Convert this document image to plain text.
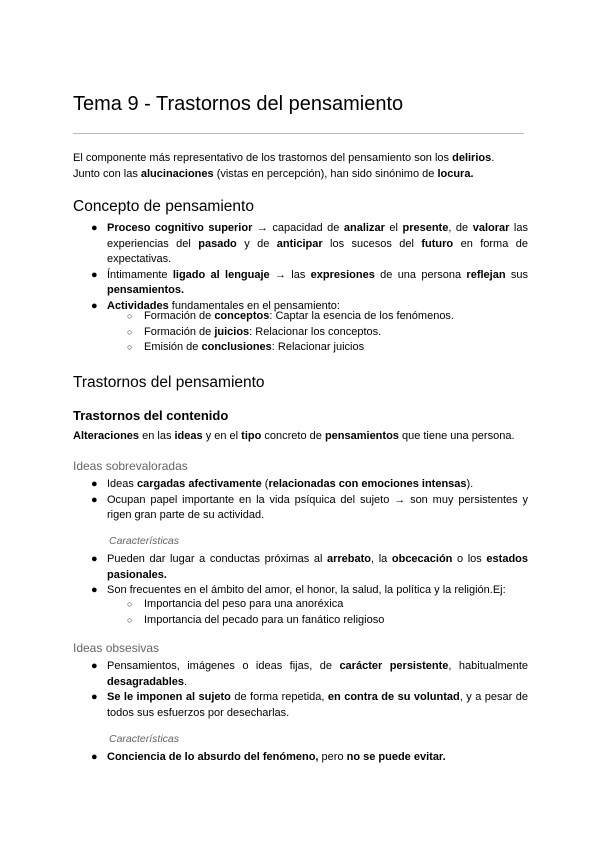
Tema 9 - Trastornos del pensamiento
El componente más representativo de los trastornos del pensamiento son los delirios.
Junto con las alucinaciones (vistas en percepción), han sido sinónimo de locura.
Concepto de pensamiento
● Proceso cognitivo superior → capacidad de analizar el presente, de valorar las experiencias del pasado y de anticipar los sucesos del futuro en forma de expectativas.
● Íntimamente ligado al lenguaje → las expresiones de una persona reflejan sus pensamientos.
● Actividades fundamentales en el pensamiento:
○ Formación de conceptos: Captar la esencia de los fenómenos.
○ Formación de juicios: Relacionar los conceptos.
○ Emisión de conclusiones: Relacionar juicios
Trastornos del pensamiento
Trastornos del contenido
Alteraciones en las ideas y en el tipo concreto de pensamientos que tiene una persona.
Ideas sobrevaloradas
● Ideas cargadas afectivamente (relacionadas con emociones intensas).
● Ocupan papel importante en la vida psíquica del sujeto → son muy persistentes y rigen gran parte de su actividad.
Características
● Pueden dar lugar a conductas próximas al arrebato, la obcecación o los estados pasionales.
● Son frecuentes en el ámbito del amor, el honor, la salud, la política y la religión.Ej:
○ Importancia del peso para una anoréxica
○ Importancia del pecado para un fanático religioso
Ideas obsesivas
● Pensamientos, imágenes o ideas fijas, de carácter persistente, habitualmente desagradables.
● Se le imponen al sujeto de forma repetida, en contra de su voluntad, y a pesar de todos sus esfuerzos por desecharlas.
Características
● Conciencia de lo absurdo del fenómeno, pero no se puede evitar.
